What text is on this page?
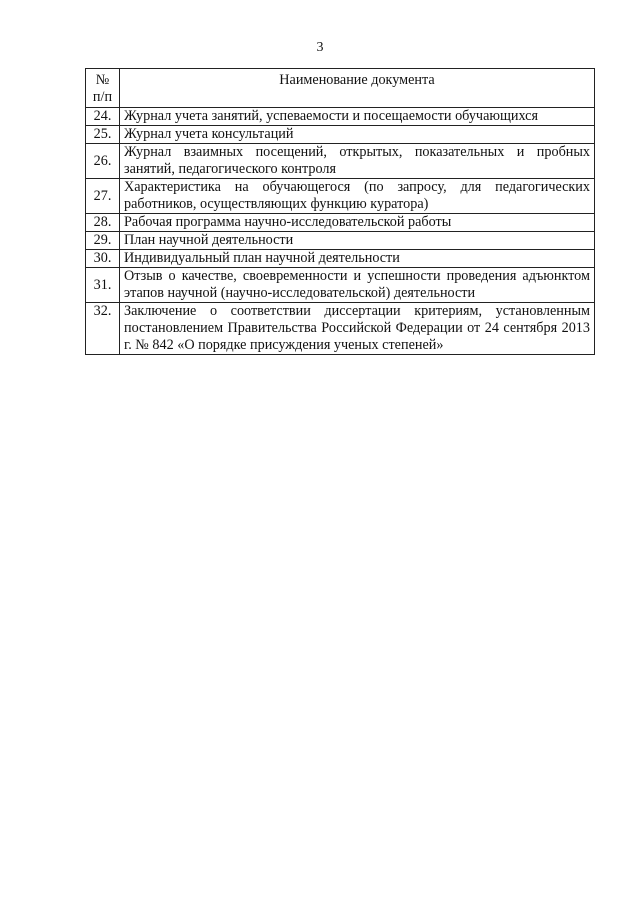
3
№
п/п	Наименование документа
24.	Журнал учета занятий, успеваемости и посещаемости обучающихся
25.	Журнал учета консультаций
26.	Журнал взаимных посещений, открытых, показательных и пробных занятий, педагогического контроля
27.	Характеристика на обучающегося (по запросу, для педагогических работников, осуществляющих функцию куратора)
28.	Рабочая программа научно-исследовательской работы
29.	План научной деятельности
30.	Индивидуальный план научной деятельности
31.	Отзыв о качестве, своевременности и успешности проведения адъюнктом этапов научной (научно-исследовательской) деятельности
32.	Заключение о соответствии диссертации критериям, установленным постановлением Правительства Российской Федерации от 24 сентября 2013 г. № 842 «О порядке присуждения ученых степеней»
